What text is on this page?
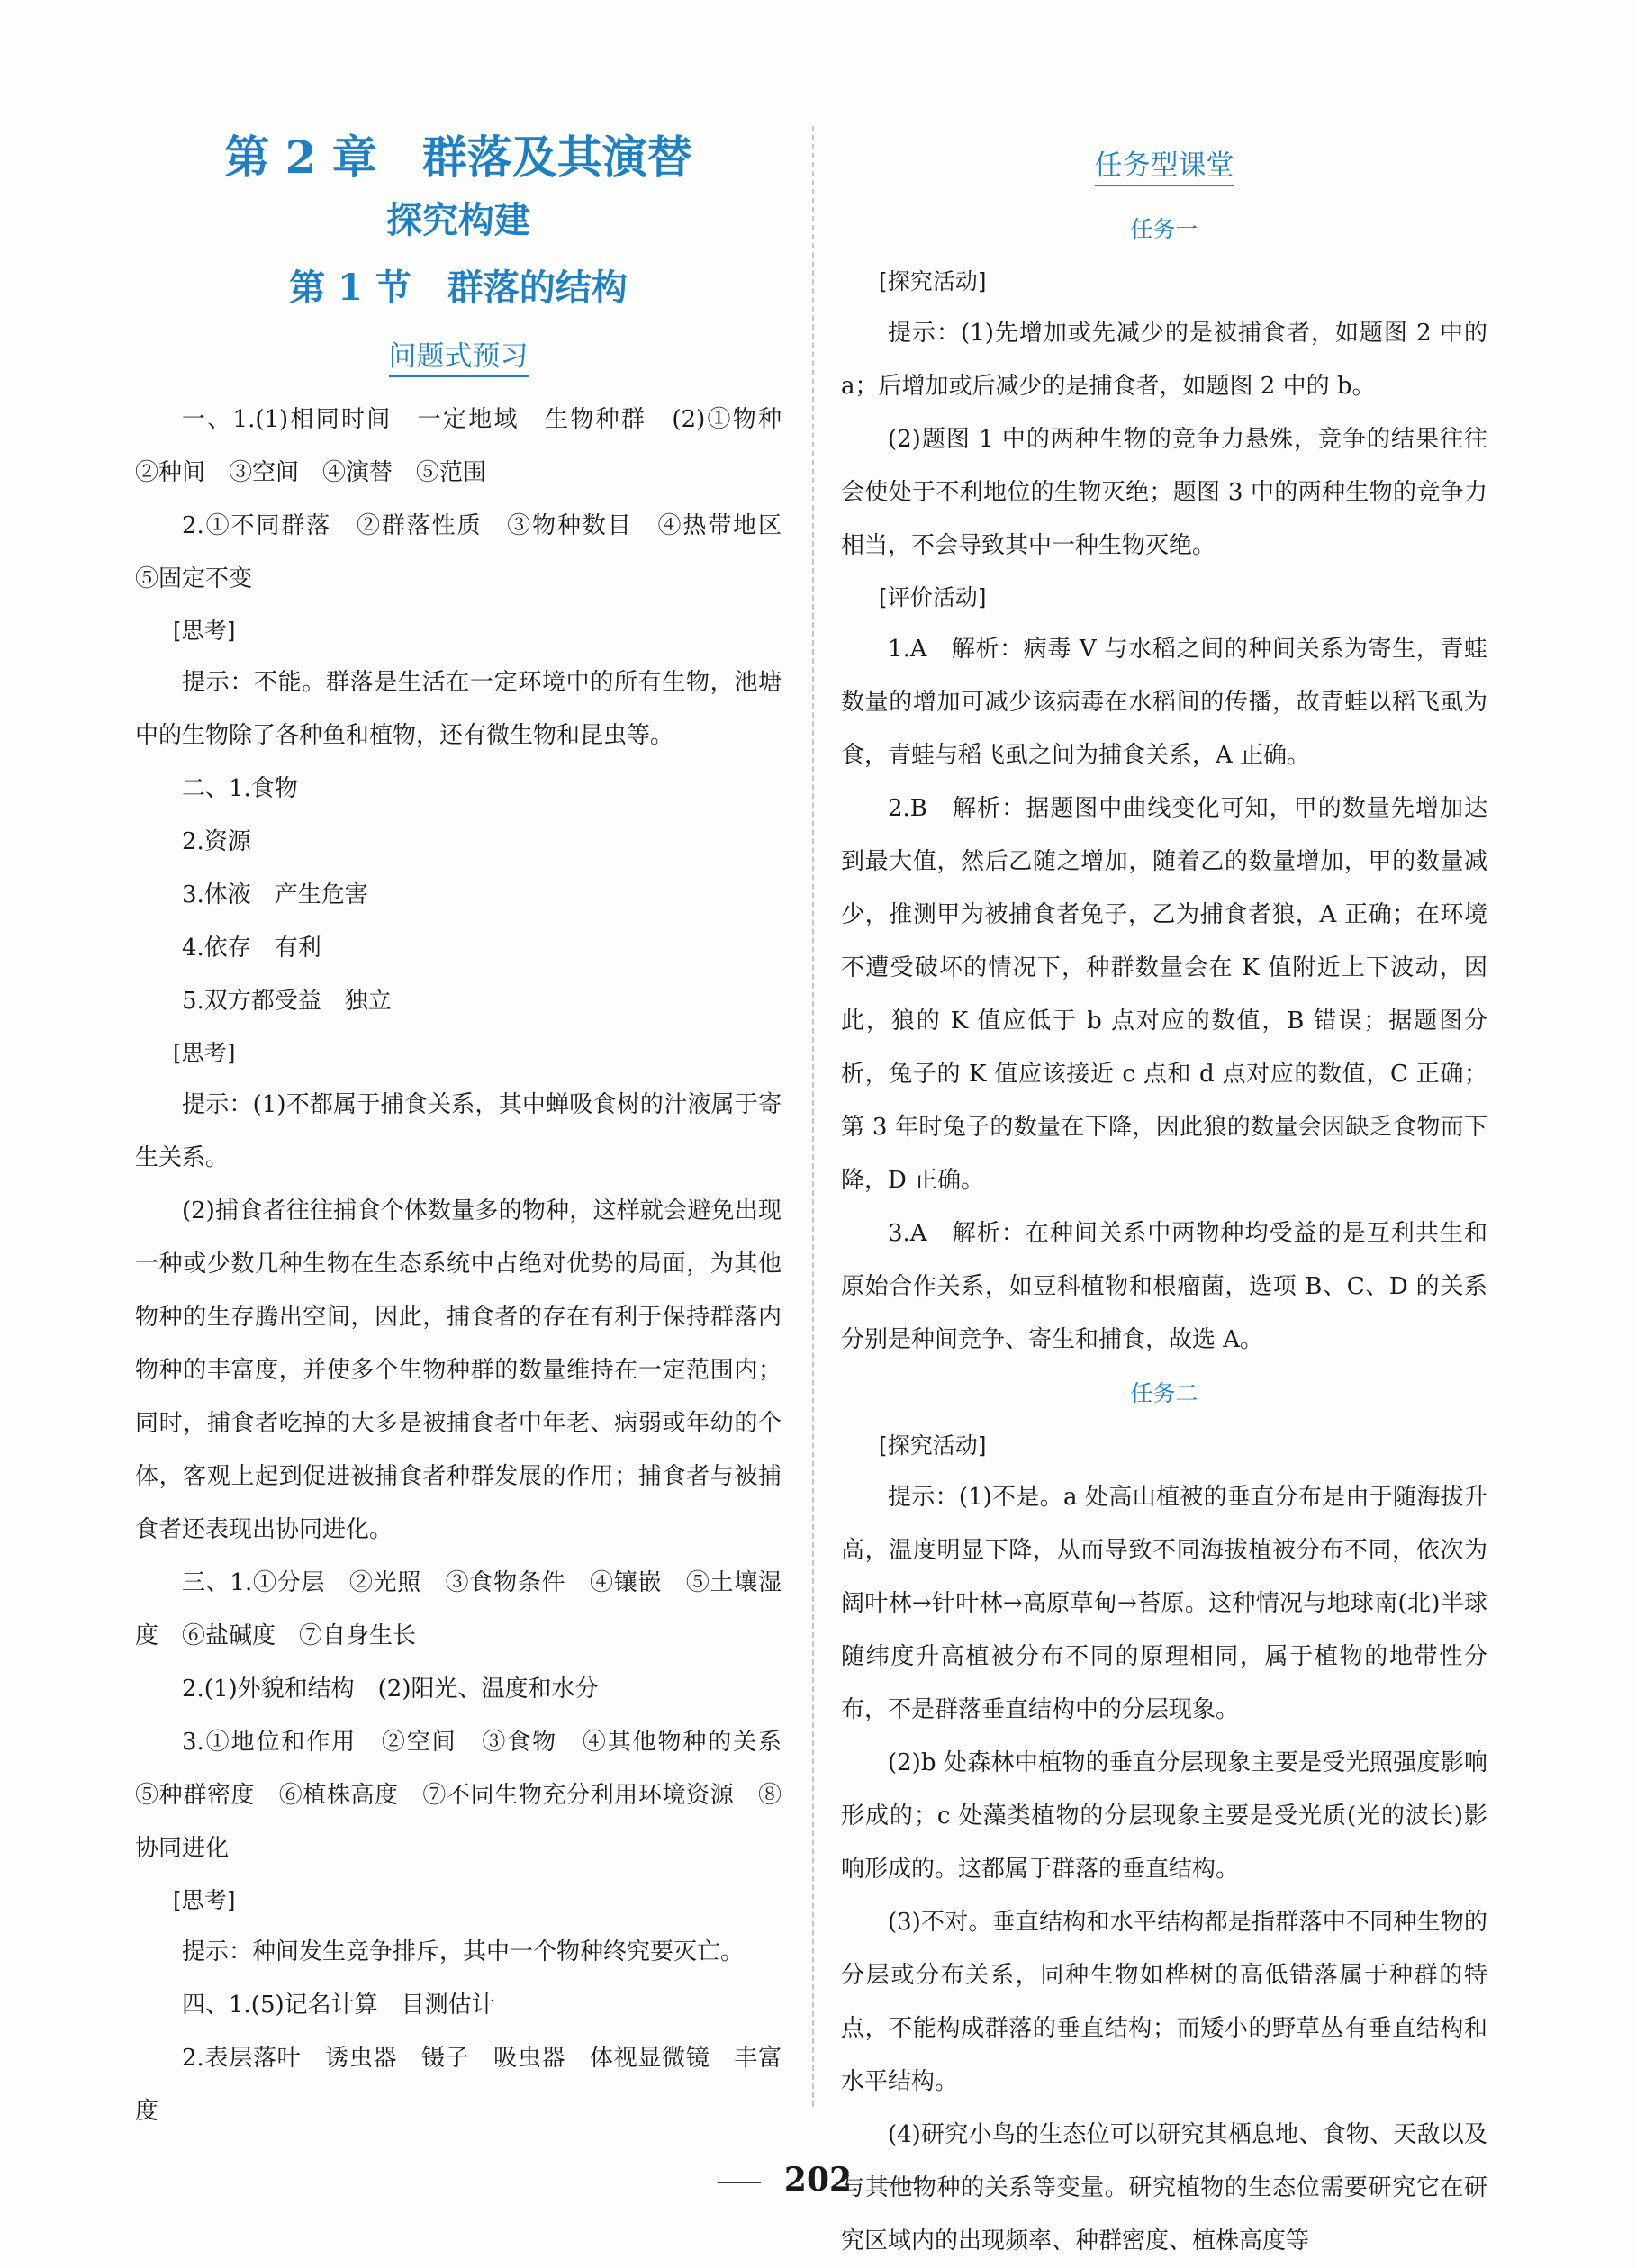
第 2 章　群落及其演替
探究构建
第 1 节　群落的结构
问题式预习

一、1.(1)相同时间　一定地域　生物种群　(2)①物种　②种间　③空间　④演替　⑤范围

2.①不同群落　②群落性质　③物种数目　④热带地区　⑤固定不变

[思考]

提示：不能。群落是生活在一定环境中的所有生物，池塘中的生物除了各种鱼和植物，还有微生物和昆虫等。

二、1.食物

2.资源

3.体液　产生危害

4.依存　有利

5.双方都受益　独立

[思考]

提示：(1)不都属于捕食关系，其中蝉吸食树的汁液属于寄生关系。

(2)捕食者往往捕食个体数量多的物种，这样就会避免出现一种或少数几种生物在生态系统中占绝对优势的局面，为其他物种的生存腾出空间，因此，捕食者的存在有利于保持群落内物种的丰富度，并使多个生物种群的数量维持在一定范围内；同时，捕食者吃掉的大多是被捕食者中年老、病弱或年幼的个体，客观上起到促进被捕食者种群发展的作用；捕食者与被捕食者还表现出协同进化。

三、1.①分层　②光照　③食物条件　④镶嵌　⑤土壤湿度　⑥盐碱度　⑦自身生长

2.(1)外貌和结构　(2)阳光、温度和水分

3.①地位和作用　②空间　③食物　④其他物种的关系　⑤种群密度　⑥植株高度　⑦不同生物充分利用环境资源　⑧协同进化

[思考]

提示：种间发生竞争排斥，其中一个物种终究要灭亡。

四、1.(5)记名计算　目测估计

2.表层落叶　诱虫器　镊子　吸虫器　体视显微镜　丰富度

任务型课堂

任务一

[探究活动]

提示：(1)先增加或先减少的是被捕食者，如题图 2 中的 a；后增加或后减少的是捕食者，如题图 2 中的 b。

(2)题图 1 中的两种生物的竞争力悬殊，竞争的结果往往会使处于不利地位的生物灭绝；题图 3 中的两种生物的竞争力相当，不会导致其中一种生物灭绝。

[评价活动]

1.A　解析：病毒 V 与水稻之间的种间关系为寄生，青蛙数量的增加可减少该病毒在水稻间的传播，故青蛙以稻飞虱为食，青蛙与稻飞虱之间为捕食关系，A 正确。

2.B　解析：据题图中曲线变化可知，甲的数量先增加达到最大值，然后乙随之增加，随着乙的数量增加，甲的数量减少，推测甲为被捕食者兔子，乙为捕食者狼，A 正确；在环境不遭受破坏的情况下，种群数量会在 K 值附近上下波动，因此，狼的 K 值应低于 b 点对应的数值，B 错误；据题图分析，兔子的 K 值应该接近 c 点和 d 点对应的数值，C 正确；第 3 年时兔子的数量在下降，因此狼的数量会因缺乏食物而下降，D 正确。

3.A　解析：在种间关系中两物种均受益的是互利共生和原始合作关系，如豆科植物和根瘤菌，选项 B、C、D 的关系分别是种间竞争、寄生和捕食，故选 A。

任务二

[探究活动]

提示：(1)不是。a 处高山植被的垂直分布是由于随海拔升高，温度明显下降，从而导致不同海拔植被分布不同，依次为阔叶林→针叶林→高原草甸→苔原。这种情况与地球南(北)半球随纬度升高植被分布不同的原理相同，属于植物的地带性分布，不是群落垂直结构中的分层现象。

(2)b 处森林中植物的垂直分层现象主要是受光照强度影响形成的；c 处藻类植物的分层现象主要是受光质(光的波长)影响形成的。这都属于群落的垂直结构。

(3)不对。垂直结构和水平结构都是指群落中不同种生物的分层或分布关系，同种生物如桦树的高低错落属于种群的特点，不能构成群落的垂直结构；而矮小的野草丛有垂直结构和水平结构。

(4)研究小鸟的生态位可以研究其栖息地、食物、天敌以及与其他物种的关系等变量。研究植物的生态位需要研究它在研究区域内的出现频率、种群密度、植株高度等

202
